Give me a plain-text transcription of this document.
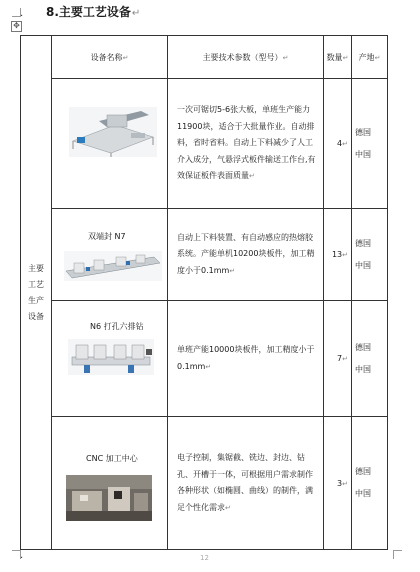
.
.
8.主要工艺设备↵
✥
主要
工艺
生产
设备	设备名称↵	主要技术参数（型号）↵	数量↵	产地↵

	一次可锯切5-6张大板，单班生产能力11900块，适合于大批量作业。自动排料，省时省料。自动上下料减少了人工介入成分，气悬浮式板件输送工作台,有效保证板件表面质量↵	4↵	德国
中国

	双端封 N7	自动上下料装置、有自动感应的热熔胶系统。产能单机10200块板件，加工精度小于0.1mm↵	13↵	德国
中国

	N6 打孔六排钻	单班产能10000块板件，加工精度小于0.1mm↵	7↵	德国
中国

	CNC 加工中心	电子控制，集锯截、铣边、封边、钻孔、开槽于一体，可根据用户需求制作各种形状（如椭圆、曲线）的制件，满足个性化需求↵	3↵	德国
中国
12
